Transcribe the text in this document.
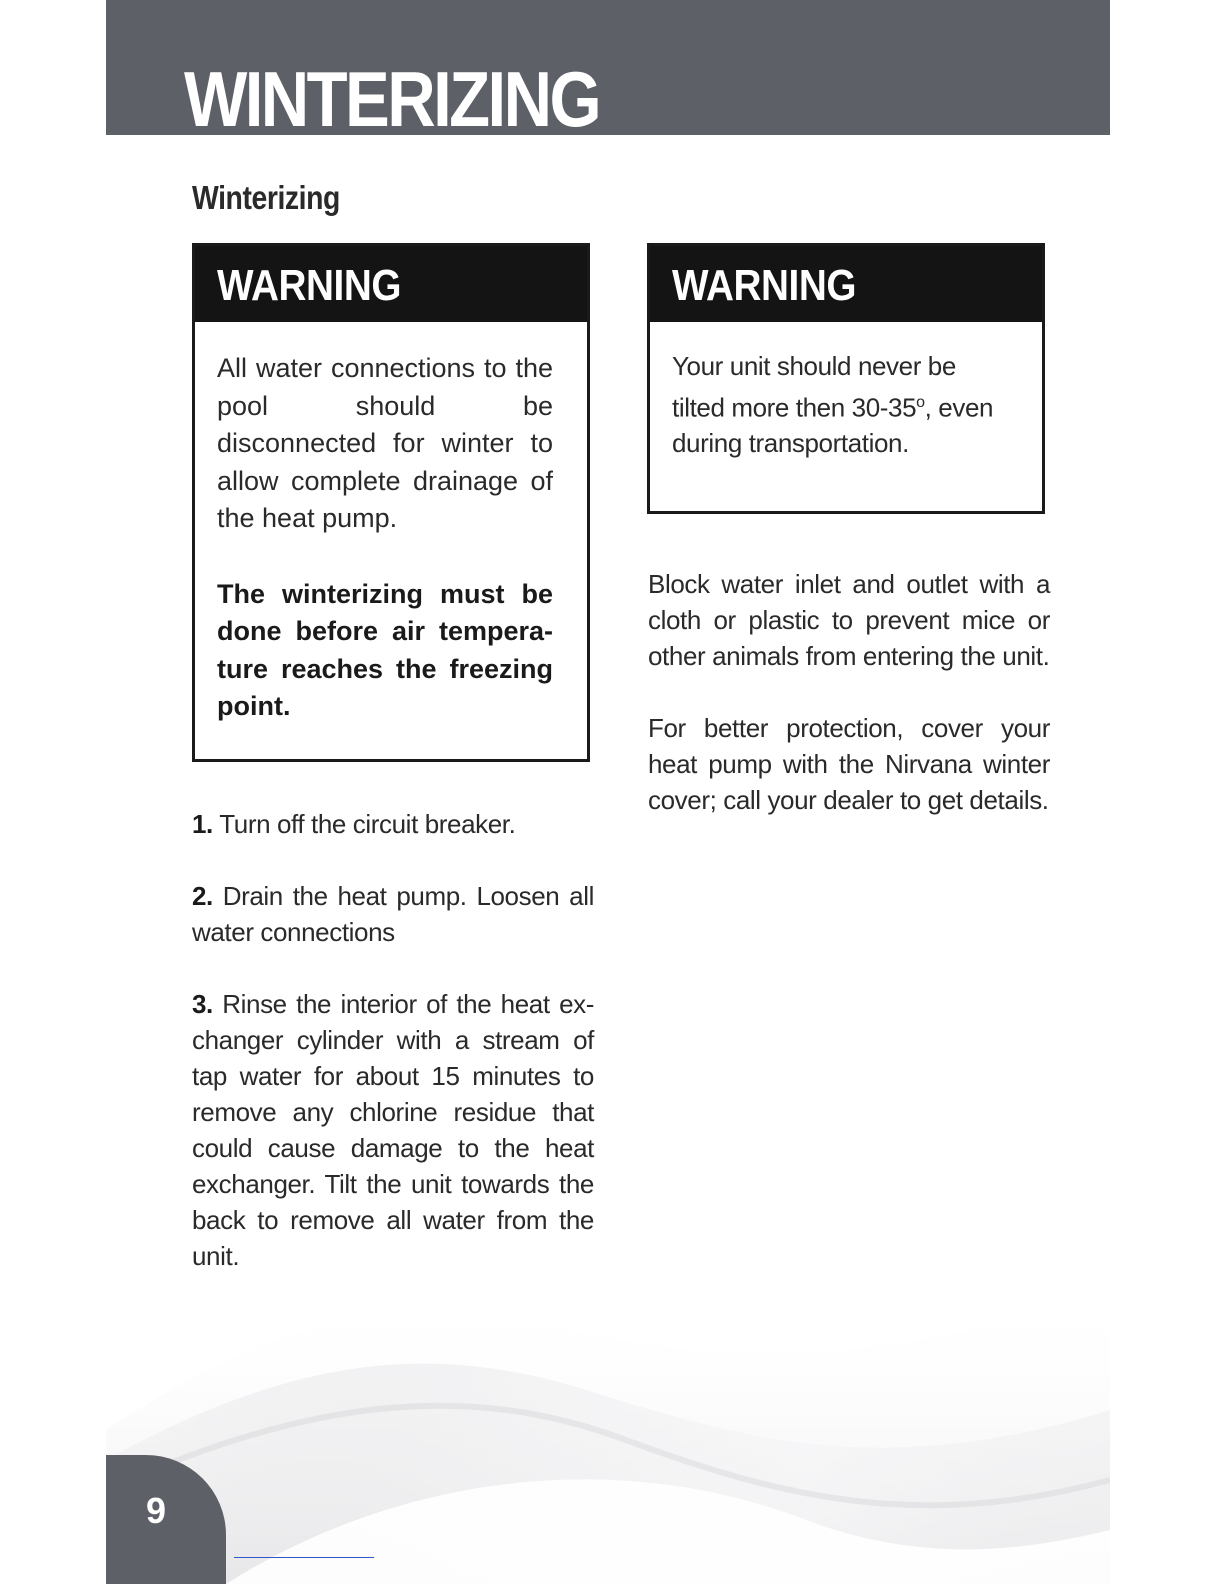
WINTERIZING
Winterizing
WARNING

All water connections to the pool should be disconnected for winter to allow complete drainage of the heat pump.

The winterizing must be done before air tempera-ture reaches the freezing point.

WARNING

Your unit should never be tilted more then 30-35$^o$, even during transportation.

1. Turn off the circuit breaker.

2. Drain the heat pump. Loosen all water connections

3. Rinse the interior of the heat ex-changer cylinder with a stream of tap water for about 15 minutes to remove any chlorine residue that could cause damage to the heat exchanger. Tilt the unit towards the back to remove all water from the unit.

Block water inlet and outlet with a cloth or plastic to prevent mice or other animals from entering the unit.

For better protection, cover your heat pump with the Nirvana winter cover; call your dealer to get details.

9
